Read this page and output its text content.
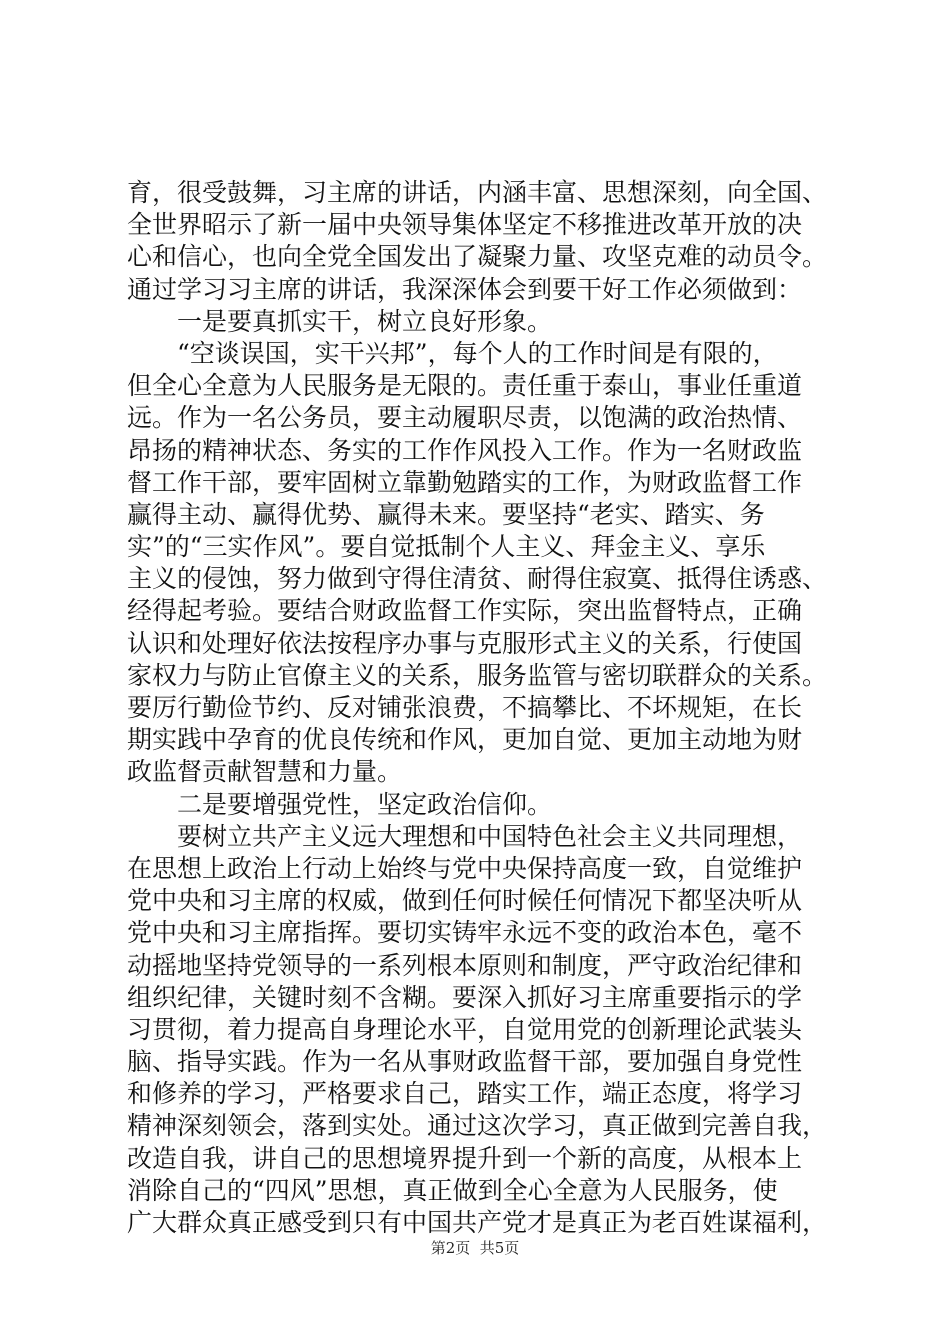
育，很受鼓舞，习主席的讲话，内涵丰富、思想深刻，向全国、
全世界昭示了新一届中央领导集体坚定不移推进改革开放的决
心和信心，也向全党全国发出了凝聚力量、攻坚克难的动员令。
通过学习习主席的讲话，我深深体会到要干好工作必须做到：
　　一是要真抓实干，树立良好形象。
　　“空谈误国，实干兴邦”，每个人的工作时间是有限的，
但全心全意为人民服务是无限的。责任重于泰山，事业任重道
远。作为一名公务员，要主动履职尽责，以饱满的政治热情、
昂扬的精神状态、务实的工作作风投入工作。作为一名财政监
督工作干部，要牢固树立靠勤勉踏实的工作，为财政监督工作
赢得主动、赢得优势、赢得未来。要坚持“老实、踏实、务
实”的“三实作风”。要自觉抵制个人主义、拜金主义、享乐
主义的侵蚀，努力做到守得住清贫、耐得住寂寞、抵得住诱惑、
经得起考验。要结合财政监督工作实际，突出监督特点，正确
认识和处理好依法按程序办事与克服形式主义的关系，行使国
家权力与防止官僚主义的关系，服务监管与密切联群众的关系。
要厉行勤俭节约、反对铺张浪费，不搞攀比、不坏规矩，在长
期实践中孕育的优良传统和作风，更加自觉、更加主动地为财
政监督贡献智慧和力量。
　　二是要增强党性，坚定政治信仰。
　　要树立共产主义远大理想和中国特色社会主义共同理想，
在思想上政治上行动上始终与党中央保持高度一致，自觉维护
党中央和习主席的权威，做到任何时候任何情况下都坚决听从
党中央和习主席指挥。要切实铸牢永远不变的政治本色，毫不
动摇地坚持党领导的一系列根本原则和制度，严守政治纪律和
组织纪律，关键时刻不含糊。要深入抓好习主席重要指示的学
习贯彻，着力提高自身理论水平，自觉用党的创新理论武装头
脑、指导实践。作为一名从事财政监督干部，要加强自身党性
和修养的学习，严格要求自己，踏实工作，端正态度，将学习
精神深刻领会，落到实处。通过这次学习，真正做到完善自我，
改造自我，讲自己的思想境界提升到一个新的高度，从根本上
消除自己的“四风”思想，真正做到全心全意为人民服务，使
广大群众真正感受到只有中国共产党才是真正为老百姓谋福利，
第2页  共5页
